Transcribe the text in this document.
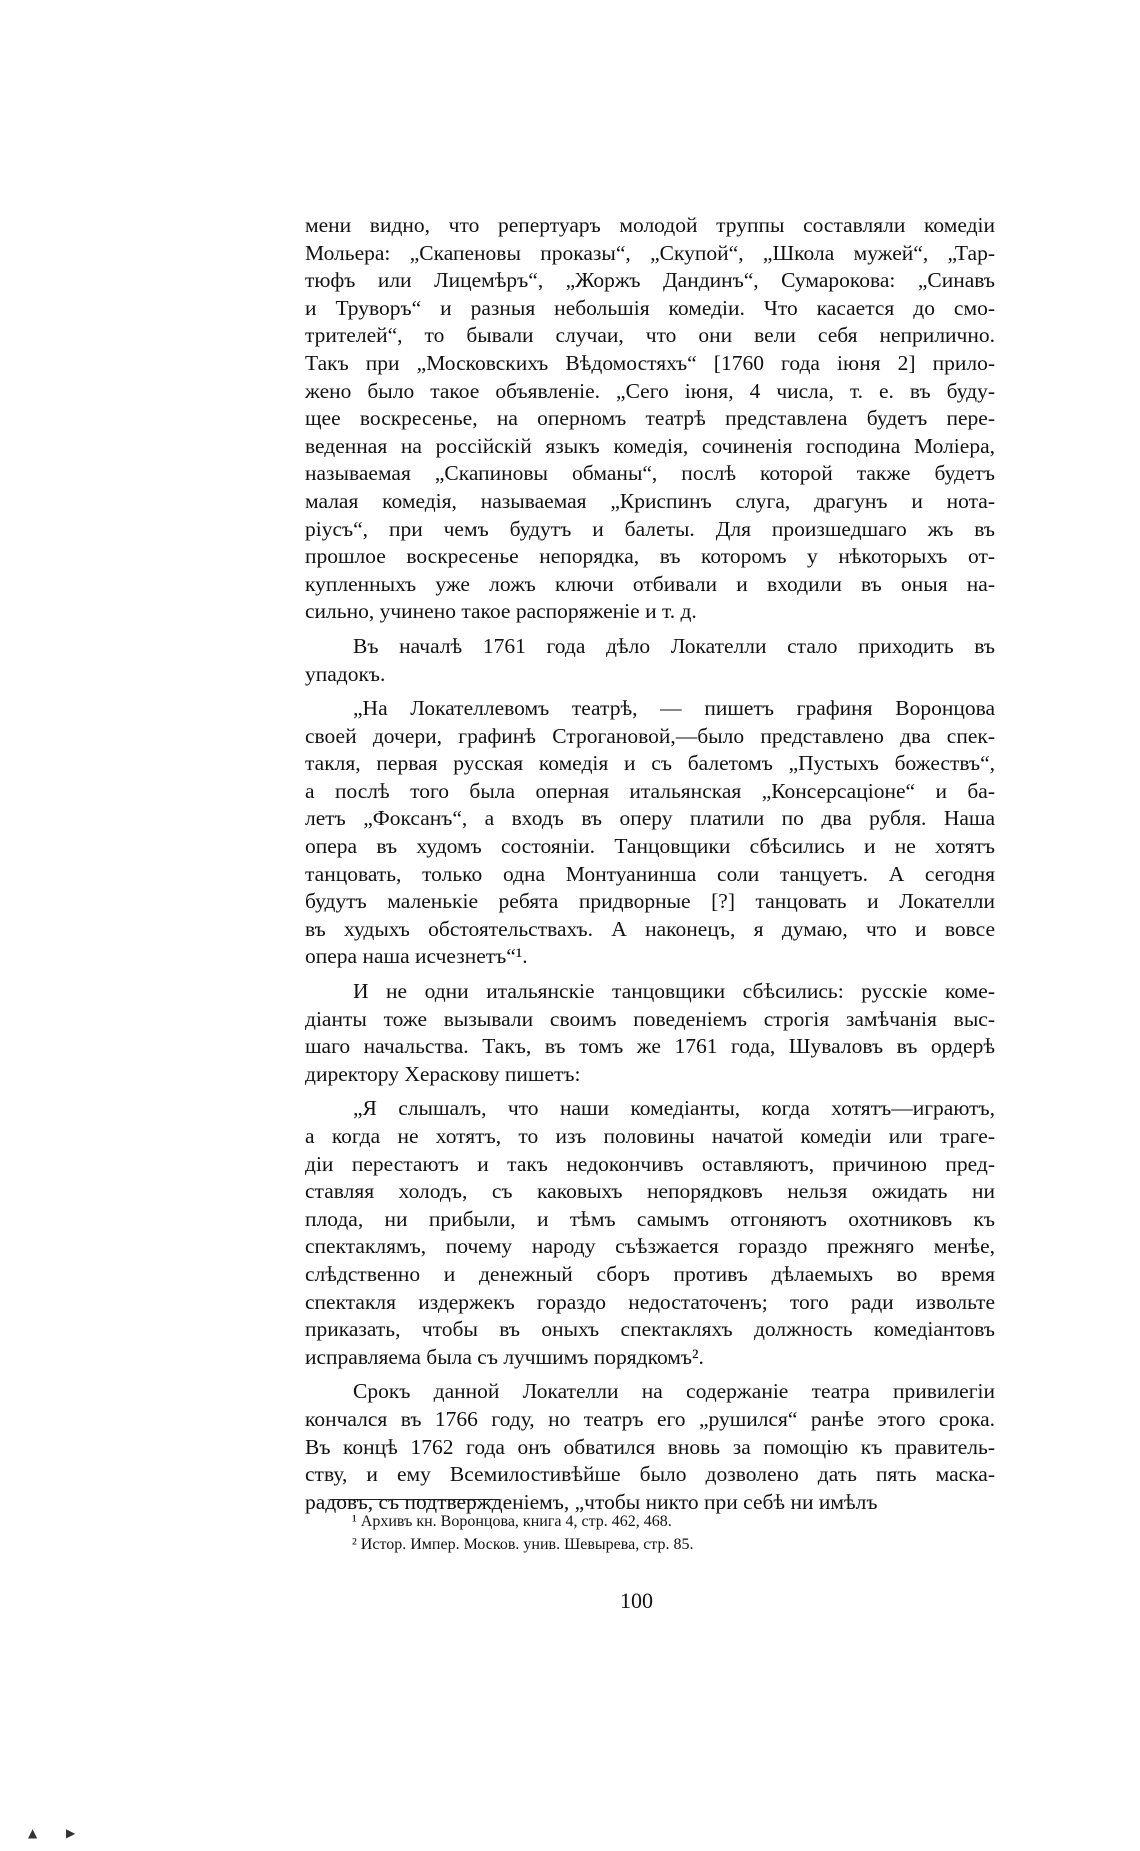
мени видно, что репертуаръ молодой труппы составляли комедіи
Мольера: „Скапеновы проказы“, „Скупой“, „Школа мужей“, „Тар-
тюфъ или Лицемѣръ“, „Жоржъ Дандинъ“, Сумарокова: „Синавъ
и Труворъ“ и разныя небольшія комедіи. Что касается до смо-
трителей“, то бывали случаи, что они вели себя неприлично.
Такъ при „Московскихъ Вѣдомостяхъ“ [1760 года іюня 2] прило-
жено было такое объявленіе. „Сего іюня, 4 числа, т. е. въ буду-
щее воскресенье, на оперномъ театрѣ представлена будетъ пере-
веденная на россійскій языкъ комедія, сочиненія господина Моліера,
называемая „Скапиновы обманы“, послѣ которой также будетъ
малая комедія, называемая „Криспинъ слуга, драгунъ и нота-
ріусъ“, при чемъ будутъ и балеты. Для произшедшаго жъ въ
прошлое воскресенье непорядка, въ которомъ у нѣкоторыхъ от-
купленныхъ уже ложъ ключи отбивали и входили въ оныя на-
сильно, учинено такое распоряженіе и т. д.
Въ началѣ 1761 года дѣло Локателли стало приходить въ
упадокъ.
„На Локателлевомъ театрѣ, — пишетъ графиня Воронцова
своей дочери, графинѣ Строгановой,—было представлено два спек-
такля, первая русская комедія и съ балетомъ „Пустыхъ божествъ“,
а послѣ того была оперная итальянская „Консерсаціоне“ и ба-
летъ „Фоксанъ“, а входъ въ оперу платили по два рубля. Наша
опера въ худомъ состояніи. Танцовщики сбѣсились и не хотятъ
танцовать, только одна Монтуанинша соли танцуетъ. А сегодня
будутъ маленькіе ребята придворные [?] танцовать и Локателли
въ худыхъ обстоятельствахъ. А наконецъ, я думаю, что и вовсе
опера наша исчезнетъ“¹.
И не одни итальянскіе танцовщики сбѣсились: русскіе коме-
діанты тоже вызывали своимъ поведеніемъ строгія замѣчанія выс-
шаго начальства. Такъ, въ томъ же 1761 года, Шуваловъ въ ордерѣ
директору Хераскову пишетъ:
„Я слышалъ, что наши комедіанты, когда хотятъ—играютъ,
а когда не хотятъ, то изъ половины начатой комедіи или траге-
діи перестаютъ и такъ недокончивъ оставляютъ, причиною пред-
ставляя холодъ, съ каковыхъ непорядковъ нельзя ожидать ни
плода, ни прибыли, и тѣмъ самымъ отгоняютъ охотниковъ къ
спектаклямъ, почему народу съѣзжается гораздо прежняго менѣе,
слѣдственно и денежный сборъ противъ дѣлаемыхъ во время
спектакля издержекъ гораздо недостаточенъ; того ради извольте
приказать, чтобы въ оныхъ спектакляхъ должность комедіантовъ
исправляема была съ лучшимъ порядкомъ².
Срокъ данной Локателли на содержаніе театра привилегіи
кончался въ 1766 году, но театръ его „рушился“ ранѣе этого срока.
Въ концѣ 1762 года онъ обватился вновь за помощію къ правитель-
ству, и ему Всемилостивѣйше было дозволено дать пять маска-
радовъ, съ подтвержденіемъ, „чтобы никто при себѣ ни имѣлъ
¹ Архивъ кн. Воронцова, книга 4, стр. 462, 468.
² Истор. Импер. Москов. унив. Шевырева, стр. 85.
100
▲ ▶
